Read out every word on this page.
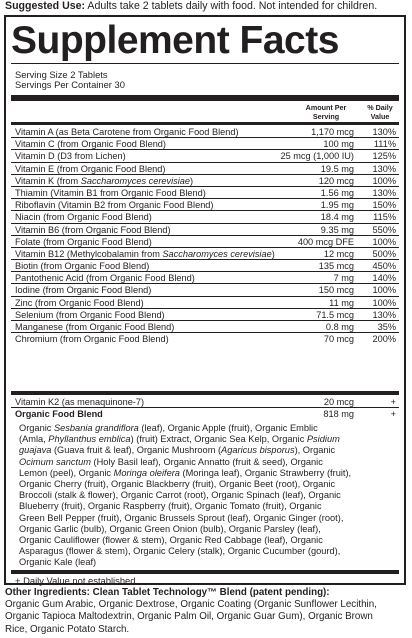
Suggested Use: Adults take 2 tablets daily with food. Not intended for children.
Supplement Facts
Serving Size 2 Tablets
Servings Per Container 30
Amount Per
Serving
% Daily
Value
Vitamin A (as Beta Carotene from Organic Food Blend)	1,170 mcg 130%
Vitamin C (from Organic Food Blend)	100 mg 111%
Vitamin D (D3 from Lichen)	25 mcg (1,000 IU) 125%
Vitamin E (from Organic Food Blend)	19.5 mg 130%
Vitamin K (from Saccharomyces cerevisiae)	120 mcg 100%
Thiamin (Vitamin B1 from Organic Food Blend)	1.56 mg 130%
Riboflavin (Vitamin B2 from Organic Food Blend)	1.95 mg 150%
Niacin (from Organic Food Blend)	18.4 mg 115%
Vitamin B6 (from Organic Food Blend)	9.35 mg 550%
Folate (from Organic Food Blend)	400 mcg DFE 100%
Vitamin B12 (Methylcobalamin from Saccharomyces cerevisiae)	12 mcg 500%
Biotin (from Organic Food Blend)	135 mcg 450%
Pantothenic Acid (from Organic Food Blend)	7 mg 140%
Iodine (from Organic Food Blend)	150 mcg 100%
Zinc (from Organic Food Blend)	11 mg 100%
Selenium (from Organic Food Blend)	71.5 mcg 130%
Manganese (from Organic Food Blend)	0.8 mg	35%
Chromium (from Organic Food Blend)	70 mcg 200%
Vitamin K2 (as menaquinone-7)	20 mcg	+
Organic Food Blend	818 mg	+
Organic Sesbania grandiflora (leaf), Organic Apple (fruit), Organic Emblic
(Amla, Phyllanthus emblica) (fruit) Extract, Organic Sea Kelp, Organic Psidium
guajava (Guava fruit & leaf), Organic Mushroom (Agaricus bisporus), Organic
Ocimum sanctum (Holy Basil leaf), Organic Annatto (fruit & seed), Organic
Lemon (peel), Organic Moringa oleifera (Moringa leaf), Organic Strawberry (fruit),
Organic Cherry (fruit), Organic Blackberry (fruit), Organic Beet (root), Organic
Broccoli (stalk & flower), Organic Carrot (root), Organic Spinach (leaf), Organic
Blueberry (fruit), Organic Raspberry (fruit), Organic Tomato (fruit), Organic
Green Bell Pepper (fruit), Organic Brussels Sprout (leaf), Organic Ginger (root),
Organic Garlic (bulb), Organic Green Onion (bulb), Organic Parsley (leaf),
Organic Cauliflower (flower & stem), Organic Red Cabbage (leaf), Organic
Asparagus (flower & stem), Organic Celery (stalk), Organic Cucumber (gourd),
Organic Kale (leaf)
+ Daily Value not established.
Other Ingredients: Clean Tablet Technology™ Blend (patent pending):
Organic Gum Arabic, Organic Dextrose, Organic Coating (Organic Sunflower Lecithin,
Organic Tapioca Maltodextrin, Organic Palm Oil, Organic Guar Gum), Organic Brown
Rice, Organic Potato Starch.
